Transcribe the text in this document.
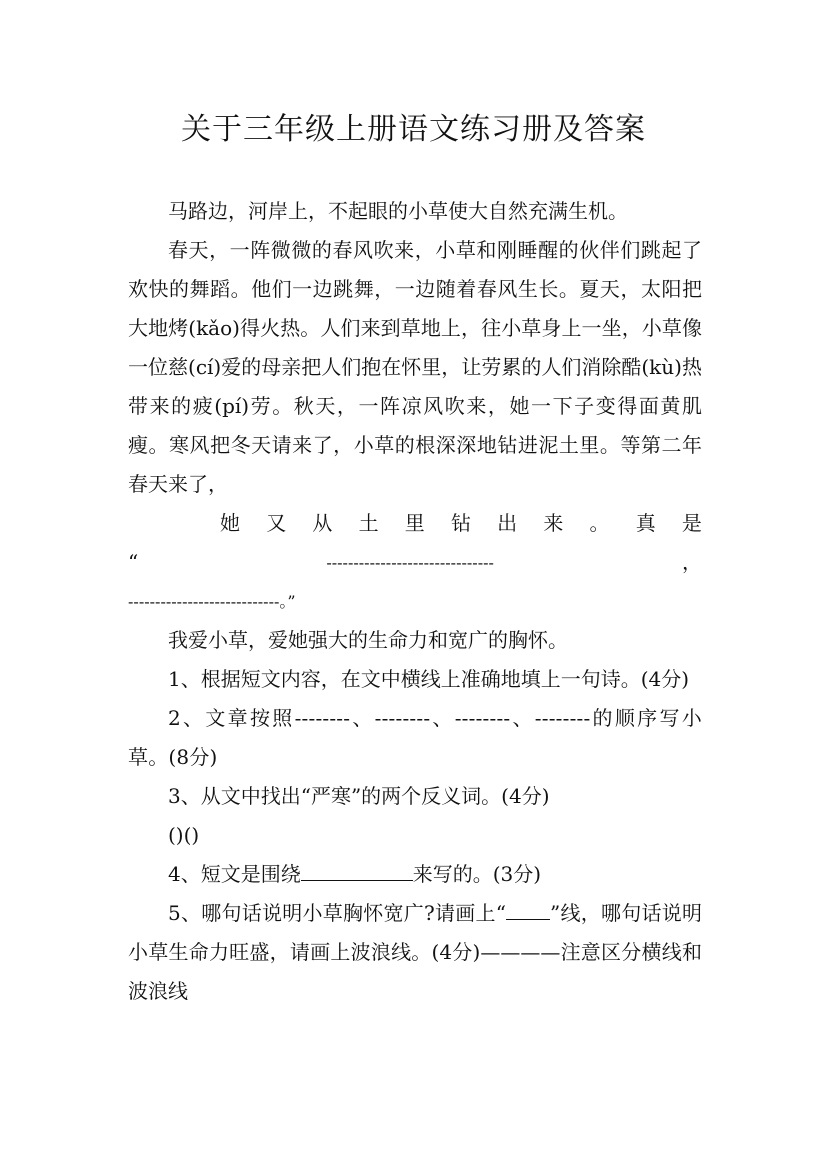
关于三年级上册语文练习册及答案

马路边，河岸上，不起眼的小草使大自然充满生机。

春天，一阵微微的春风吹来，小草和刚睡醒的伙伴们跳起了欢快的舞蹈。他们一边跳舞，一边随着春风生长。夏天，太阳把大地烤(kǎo)得火热。人们来到草地上，往小草身上一坐，小草像一位慈(cí)爱的母亲把人们抱在怀里，让劳累的人们消除酷(kù)热带来的疲(pí)劳。秋天，一阵凉风吹来，她一下子变得面黄肌瘦。寒风把冬天请来了，小草的根深深地钻进泥土里。等第二年春天来了，

她 又 从 土 里 钻 出 来 。 真 是

“	-------------------------------	，

----------------------------。”

我爱小草，爱她强大的生命力和宽广的胸怀。

1、根据短文内容，在文中横线上准确地填上一句诗。(4分)

2、文章按照--------、--------、--------、--------的顺序写小草。(8分)

3、从文中找出“严寒”的两个反义词。(4分)

()()

4、短文是围绕	来写的。(3分)

5、哪句话说明小草胸怀宽广?请画上“ ”线，哪句话说明小草生命力旺盛，请画上波浪线。(4分)————注意区分横线和波浪线
